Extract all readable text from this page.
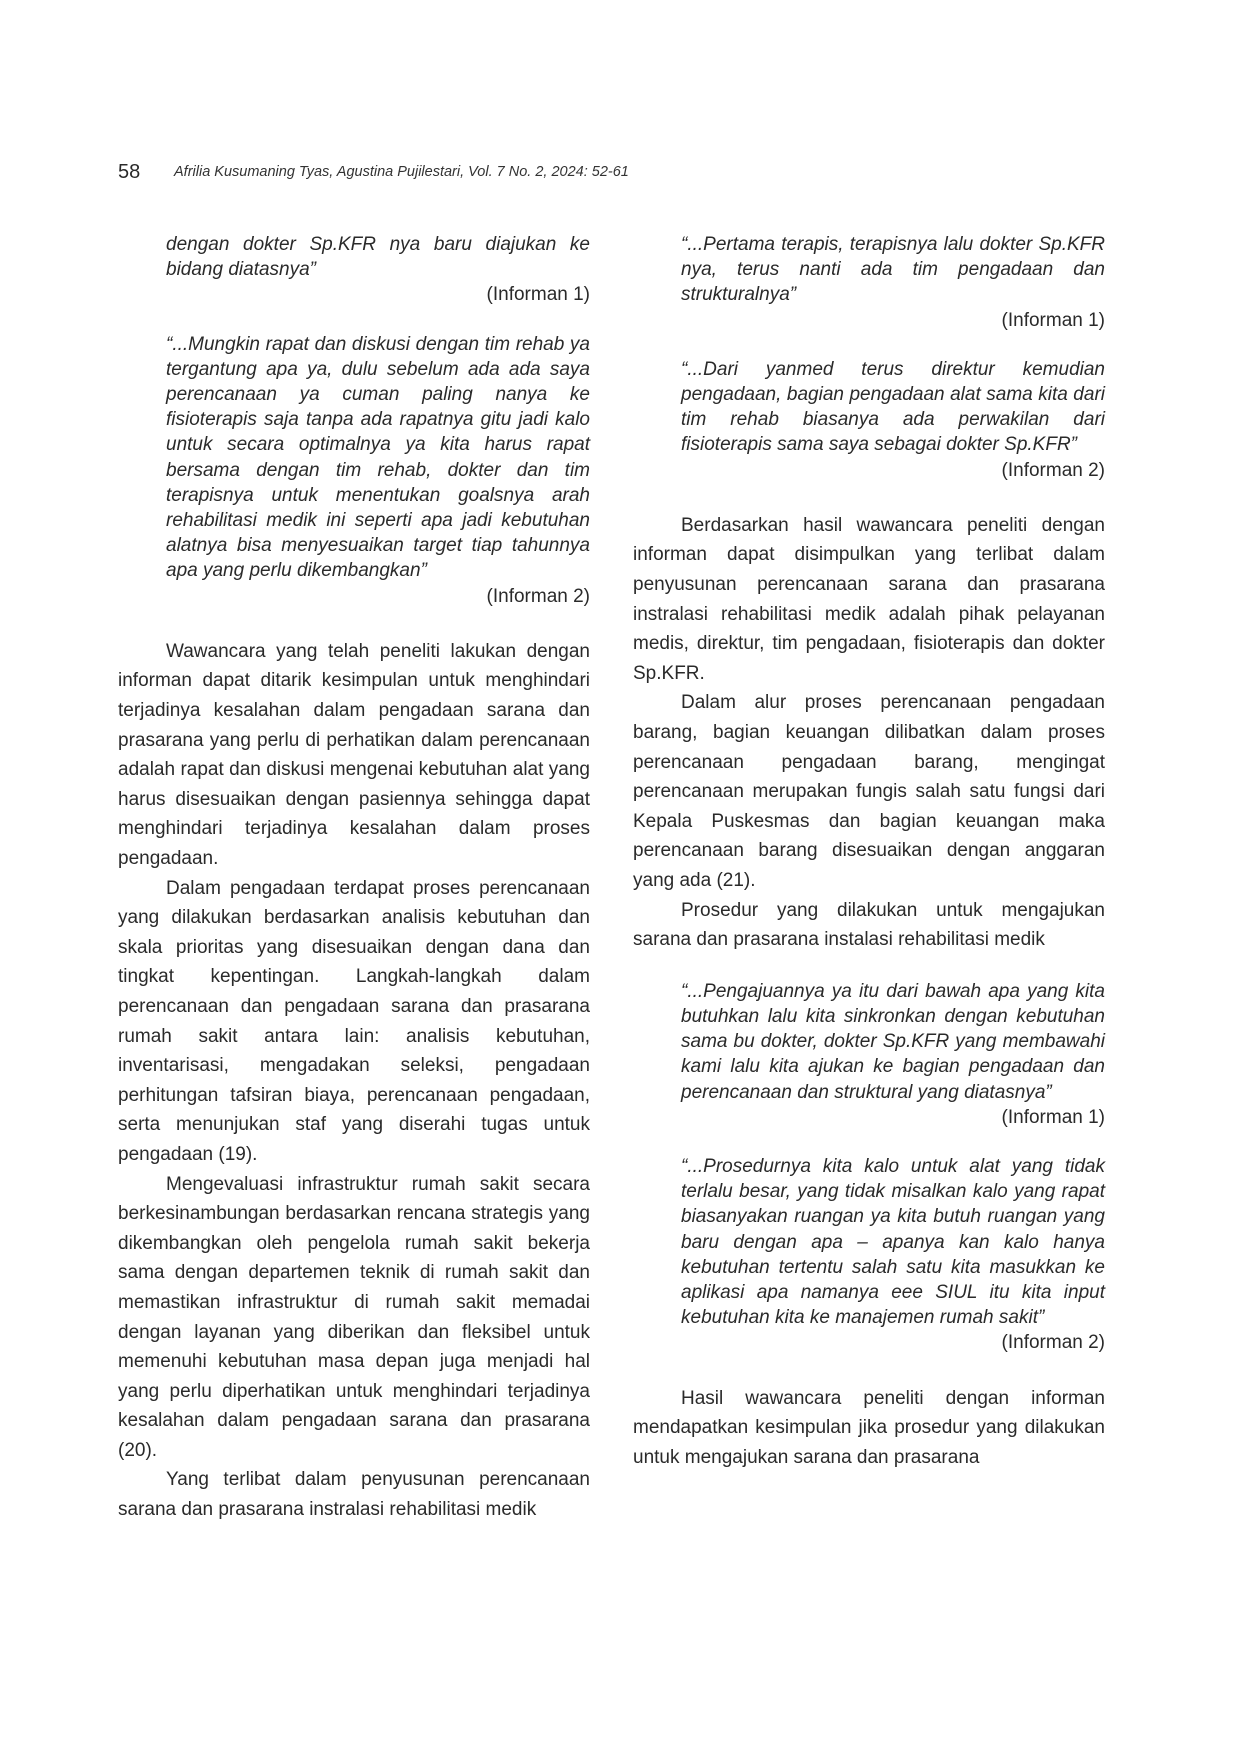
58 Afrilia Kusumaning Tyas, Agustina Pujilestari, Vol. 7 No. 2, 2024: 52-61

dengan dokter Sp.KFR nya baru diajukan ke bidang diatasnya”

(Informan 1)

“...Mungkin rapat dan diskusi dengan tim rehab ya tergantung apa ya, dulu sebelum ada ada saya perencanaan ya cuman paling nanya ke fisioterapis saja tanpa ada rapatnya gitu jadi kalo untuk secara optimalnya ya kita harus rapat bersama dengan tim rehab, dokter dan tim terapisnya untuk menentukan goalsnya arah rehabilitasi medik ini seperti apa jadi kebutuhan alatnya bisa menyesuaikan target tiap tahunnya apa yang perlu dikembangkan”

(Informan 2)

Wawancara yang telah peneliti lakukan dengan informan dapat ditarik kesimpulan untuk menghindari terjadinya kesalahan dalam pengadaan sarana dan prasarana yang perlu di perhatikan dalam perencanaan adalah rapat dan diskusi mengenai kebutuhan alat yang harus disesuaikan dengan pasiennya sehingga dapat menghindari terjadinya kesalahan dalam proses pengadaan.

Dalam pengadaan terdapat proses perencanaan yang dilakukan berdasarkan analisis kebutuhan dan skala prioritas yang disesuaikan dengan dana dan tingkat kepentingan. Langkah-langkah dalam perencanaan dan pengadaan sarana dan prasarana rumah sakit antara lain: analisis kebutuhan, inventarisasi, mengadakan seleksi, pengadaan perhitungan tafsiran biaya, perencanaan pengadaan, serta menunjukan staf yang diserahi tugas untuk pengadaan (19).

Mengevaluasi infrastruktur rumah sakit secara berkesinambungan berdasarkan rencana strategis yang dikembangkan oleh pengelola rumah sakit bekerja sama dengan departemen teknik di rumah sakit dan memastikan infrastruktur di rumah sakit memadai dengan layanan yang diberikan dan fleksibel untuk memenuhi kebutuhan masa depan juga menjadi hal yang perlu diperhatikan untuk menghindari terjadinya kesalahan dalam pengadaan sarana dan prasarana (20).

Yang terlibat dalam penyusunan perencanaan sarana dan prasarana instralasi rehabilitasi medik

“...Pertama terapis, terapisnya lalu dokter Sp.KFR nya, terus nanti ada tim pengadaan dan strukturalnya”

(Informan 1)

“...Dari yanmed terus direktur kemudian pengadaan, bagian pengadaan alat sama kita dari tim rehab biasanya ada perwakilan dari fisioterapis sama saya sebagai dokter Sp.KFR”

(Informan 2)

Berdasarkan hasil wawancara peneliti dengan informan dapat disimpulkan yang terlibat dalam penyusunan perencanaan sarana dan prasarana instralasi rehabilitasi medik adalah pihak pelayanan medis, direktur, tim pengadaan, fisioterapis dan dokter Sp.KFR.

Dalam alur proses perencanaan pengadaan barang, bagian keuangan dilibatkan dalam proses perencanaan pengadaan barang, mengingat perencanaan merupakan fungis salah satu fungsi dari Kepala Puskesmas dan bagian keuangan maka perencanaan barang disesuaikan dengan anggaran yang ada (21).

Prosedur yang dilakukan untuk mengajukan sarana dan prasarana instalasi rehabilitasi medik

“...Pengajuannya ya itu dari bawah apa yang kita butuhkan lalu kita sinkronkan dengan kebutuhan sama bu dokter, dokter Sp.KFR yang membawahi kami lalu kita ajukan ke bagian pengadaan dan perencanaan dan struktural yang diatasnya”

(Informan 1)

“...Prosedurnya kita kalo untuk alat yang tidak terlalu besar, yang tidak misalkan kalo yang rapat biasanyakan ruangan ya kita butuh ruangan yang baru dengan apa – apanya kan kalo hanya kebutuhan tertentu salah satu kita masukkan ke aplikasi apa namanya eee SIUL itu kita input kebutuhan kita ke manajemen rumah sakit”

(Informan 2)

Hasil wawancara peneliti dengan informan mendapatkan kesimpulan jika prosedur yang dilakukan untuk mengajukan sarana dan prasarana
